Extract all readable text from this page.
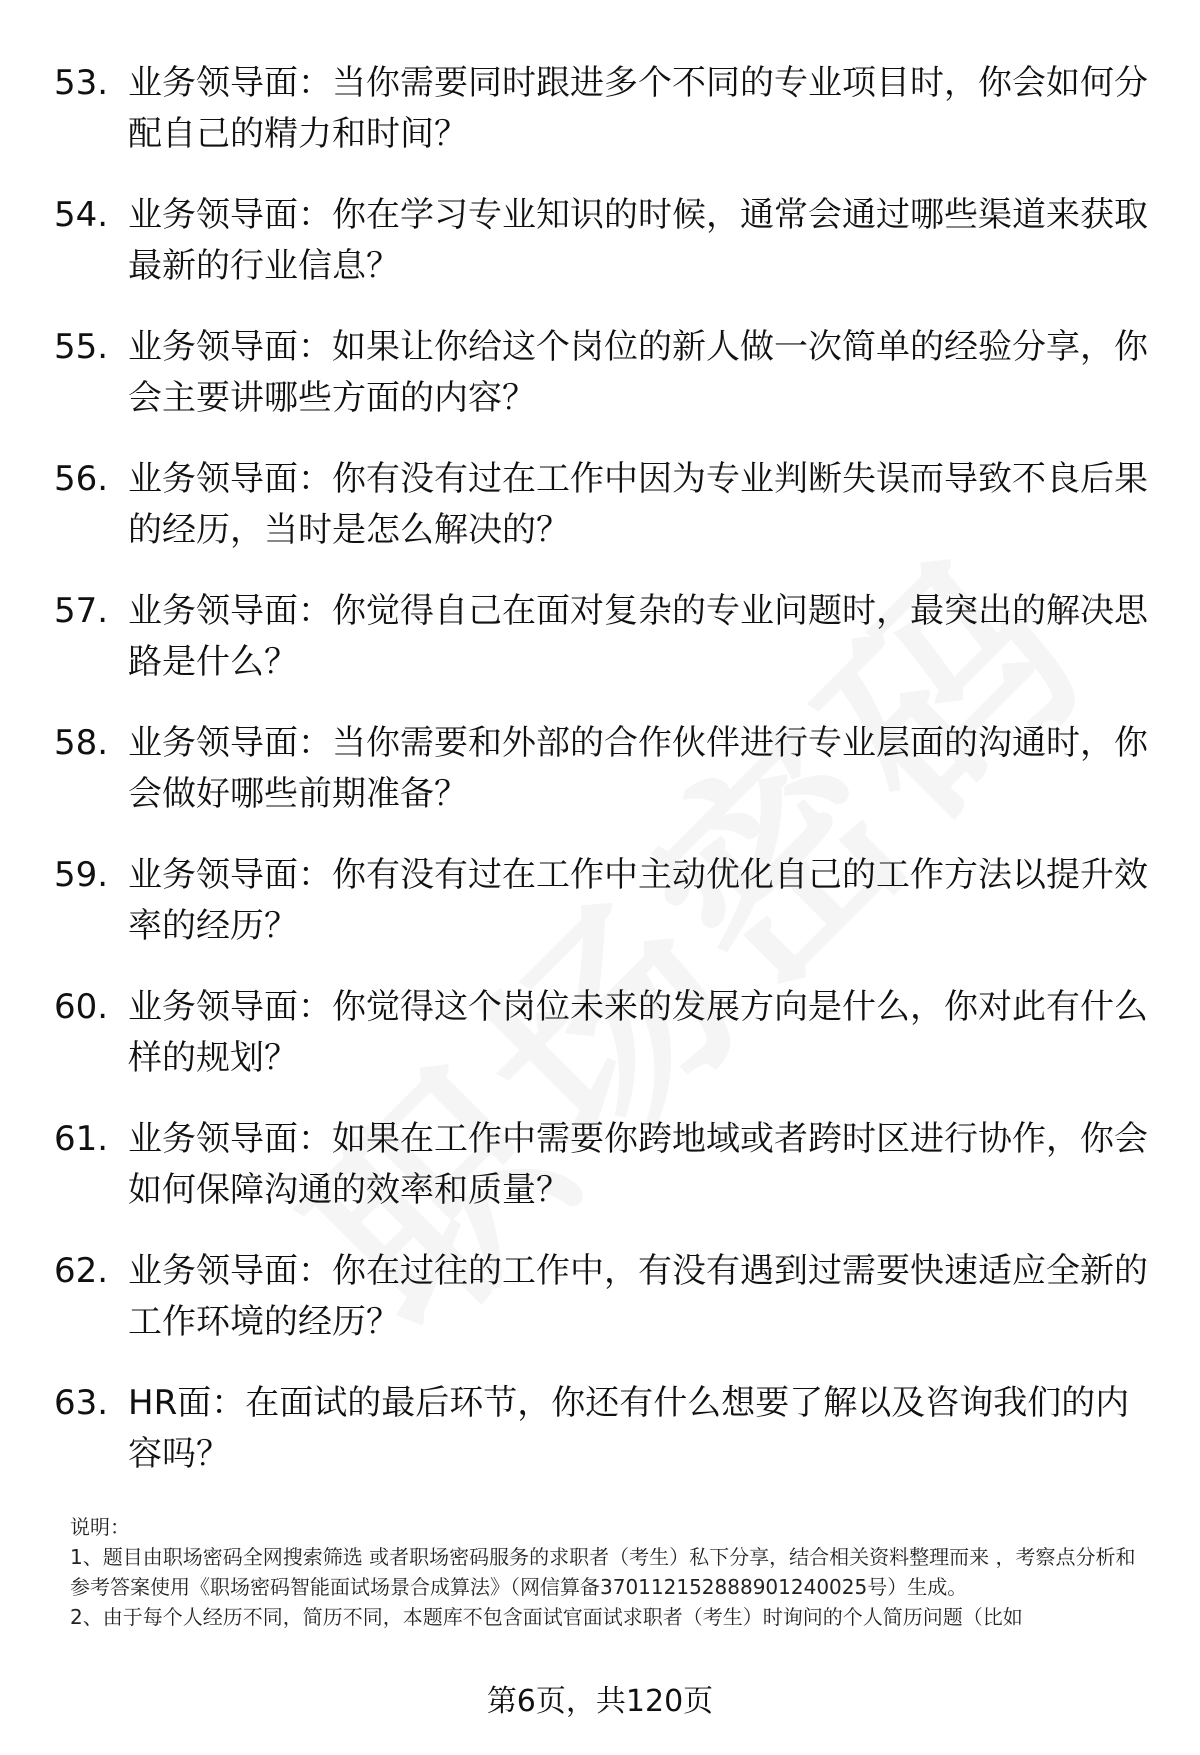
53. 业务领导面：当你需要同时跟进多个不同的专业项目时，你会如何分配自己的精力和时间？
54. 业务领导面：你在学习专业知识的时候，通常会通过哪些渠道来获取最新的行业信息？
55. 业务领导面：如果让你给这个岗位的新人做一次简单的经验分享，你会主要讲哪些方面的内容？
56. 业务领导面：你有没有过在工作中因为专业判断失误而导致不良后果的经历，当时是怎么解决的？
57. 业务领导面：你觉得自己在面对复杂的专业问题时，最突出的解决思路是什么？
58. 业务领导面：当你需要和外部的合作伙伴进行专业层面的沟通时，你会做好哪些前期准备？
59. 业务领导面：你有没有过在工作中主动优化自己的工作方法以提升效率的经历？
60. 业务领导面：你觉得这个岗位未来的发展方向是什么，你对此有什么样的规划？
61. 业务领导面：如果在工作中需要你跨地域或者跨时区进行协作，你会如何保障沟通的效率和质量？
62. 业务领导面：你在过往的工作中，有没有遇到过需要快速适应全新的工作环境的经历？
63. HR面：在面试的最后环节，你还有什么想要了解以及咨询我们的内容吗？

说明：

1、题目由职场密码全网搜索筛选 或者职场密码服务的求职者（考生）私下分享，结合相关资料整理而来 ，考察点分析和参考答案使用《职场密码智能面试场景合成算法》（网信算备370112152888901240025号）生成。

2、由于每个人经历不同，简历不同，本题库不包含面试官面试求职者（考生）时询问的个人简历问题（比如

第6页，共120页
